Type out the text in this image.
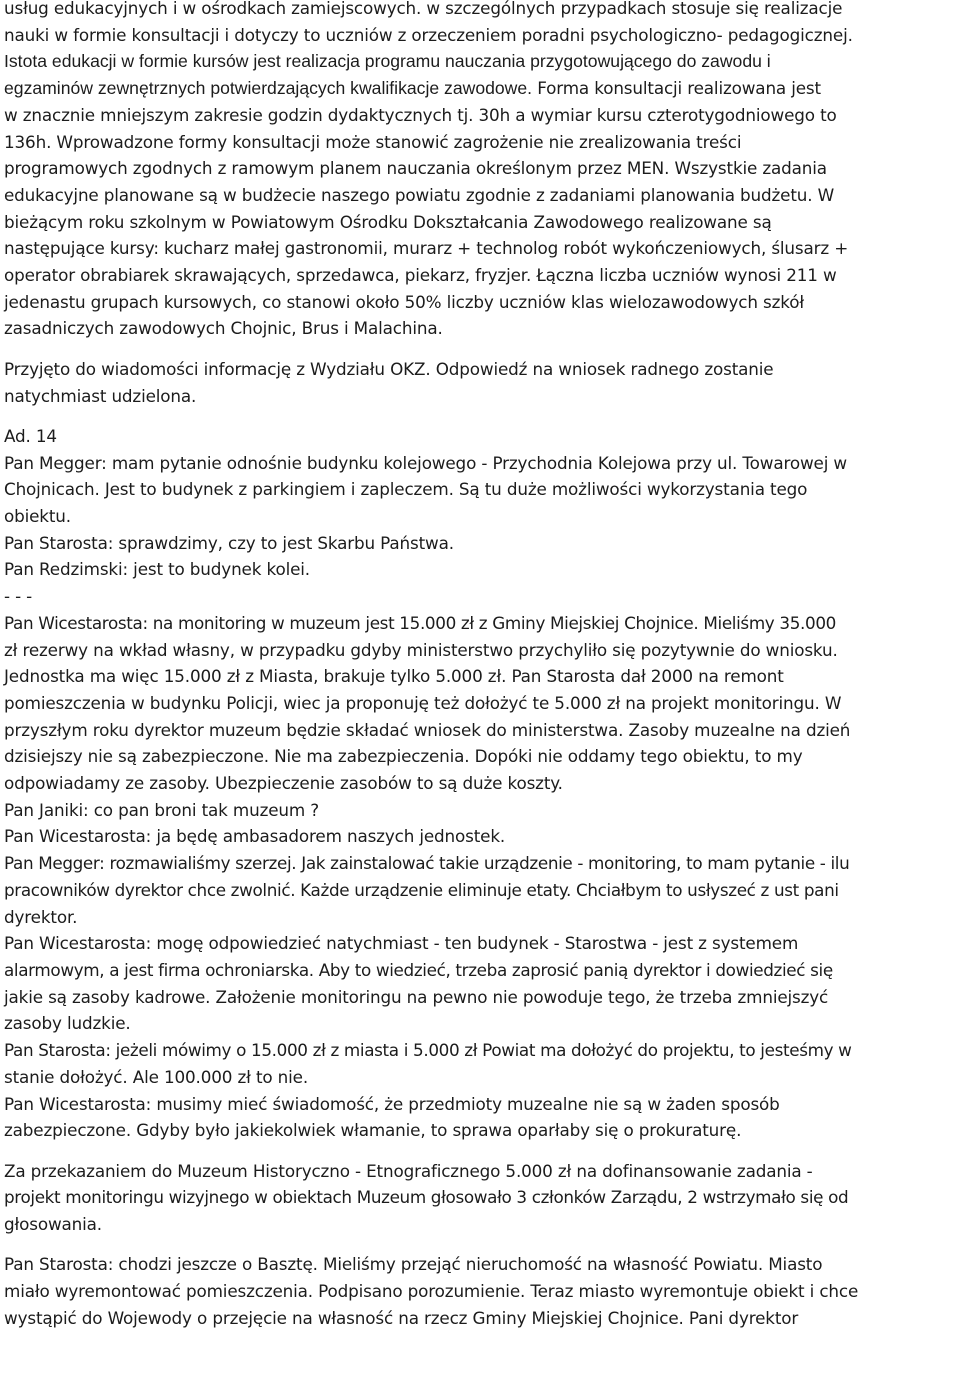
usług edukacyjnych i w ośrodkach zamiejscowych. w szczególnych przypadkach stosuje się realizacje

nauki w formie konsultacji i dotyczy to uczniów z orzeczeniem poradni psychologiczno- pedagogicznej.

Istota edukacji w formie kursów jest realizacja programu nauczania przygotowującego do zawodu i

egzaminów zewnętrznych potwierdzających kwalifikacje zawodowe. Forma konsultacji realizowana jest

w znacznie mniejszym zakresie godzin dydaktycznych tj. 30h a wymiar kursu czterotygodniowego to

136h. Wprowadzone formy konsultacji może stanowić zagrożenie nie zrealizowania treści

programowych zgodnych z ramowym planem nauczania określonym przez MEN. Wszystkie zadania

edukacyjne planowane są w budżecie naszego powiatu zgodnie z zadaniami planowania budżetu. W

bieżącym roku szkolnym w Powiatowym Ośrodku Dokształcania Zawodowego realizowane są

następujące kursy: kucharz małej gastronomii, murarz + technolog robót wykończeniowych, ślusarz +

operator obrabiarek skrawających, sprzedawca, piekarz, fryzjer. Łączna liczba uczniów wynosi 211 w

jedenastu grupach kursowych, co stanowi około 50% liczby uczniów klas wielozawodowych szkół

zasadniczych zawodowych Chojnic, Brus i Malachina.

Przyjęto do wiadomości informację z Wydziału OKZ. Odpowiedź na wniosek radnego zostanie

natychmiast udzielona.

Ad. 14

Pan Megger: mam pytanie odnośnie budynku kolejowego - Przychodnia Kolejowa przy ul. Towarowej w

Chojnicach. Jest to budynek z parkingiem i zapleczem. Są tu duże możliwości wykorzystania tego

obiektu.

Pan Starosta: sprawdzimy, czy to jest Skarbu Państwa.

Pan Redzimski: jest to budynek kolei.

- - -

Pan Wicestarosta: na monitoring w muzeum jest 15.000 zł z Gminy Miejskiej Chojnice. Mieliśmy 35.000

zł rezerwy na wkład własny, w przypadku gdyby ministerstwo przychyliło się pozytywnie do wniosku.

Jednostka ma więc 15.000 zł z Miasta, brakuje tylko 5.000 zł. Pan Starosta dał 2000 na remont

pomieszczenia w budynku Policji, wiec ja proponuję też dołożyć te 5.000 zł na projekt monitoringu. W

przyszłym roku dyrektor muzeum będzie składać wniosek do ministerstwa. Zasoby muzealne na dzień

dzisiejszy nie są zabezpieczone. Nie ma zabezpieczenia. Dopóki nie oddamy tego obiektu, to my

odpowiadamy ze zasoby. Ubezpieczenie zasobów to są duże koszty.

Pan Janiki: co pan broni tak muzeum ?

Pan Wicestarosta: ja będę ambasadorem naszych jednostek.

Pan Megger: rozmawialiśmy szerzej. Jak zainstalować takie urządzenie - monitoring, to mam pytanie - ilu

pracowników dyrektor chce zwolnić. Każde urządzenie eliminuje etaty. Chciałbym to usłyszeć z ust pani

dyrektor.

Pan Wicestarosta: mogę odpowiedzieć natychmiast - ten budynek - Starostwa - jest z systemem

alarmowym, a jest firma ochroniarska. Aby to wiedzieć, trzeba zaprosić panią dyrektor i dowiedzieć się

jakie są zasoby kadrowe. Założenie monitoringu na pewno nie powoduje tego, że trzeba zmniejszyć

zasoby ludzkie.

Pan Starosta: jeżeli mówimy o 15.000 zł z miasta i 5.000 zł Powiat ma dołożyć do projektu, to jesteśmy w

stanie dołożyć. Ale 100.000 zł to nie.

Pan Wicestarosta: musimy mieć świadomość, że przedmioty muzealne nie są w żaden sposób

zabezpieczone. Gdyby było jakiekolwiek włamanie, to sprawa oparłaby się o prokuraturę.

Za przekazaniem do Muzeum Historyczno - Etnograficznego 5.000 zł na dofinansowanie zadania -

projekt monitoringu wizyjnego w obiektach Muzeum głosowało 3 członków Zarządu, 2 wstrzymało się od

głosowania.

Pan Starosta: chodzi jeszcze o Basztę. Mieliśmy przejąć nieruchomość na własność Powiatu. Miasto

miało wyremontować pomieszczenia. Podpisano porozumienie. Teraz miasto wyremontuje obiekt i chce

wystąpić do Wojewody o przejęcie na własność na rzecz Gminy Miejskiej Chojnice. Pani dyrektor
